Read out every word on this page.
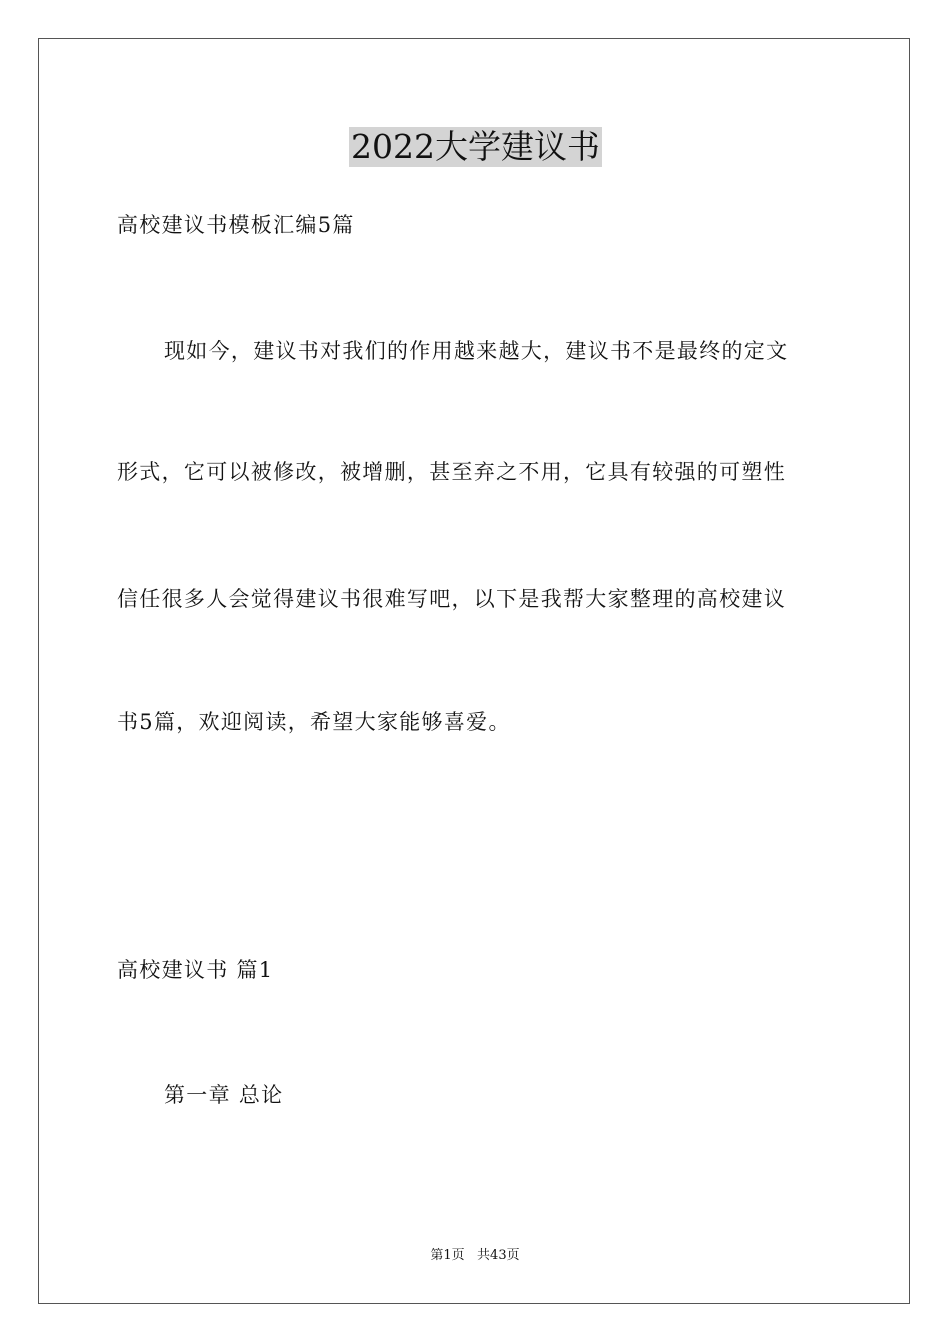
2022大学建议书
高校建议书模板汇编5篇
现如今，建议书对我们的作用越来越大，建议书不是最终的定文
形式，它可以被修改，被增删，甚至弃之不用，它具有较强的可塑性
信任很多人会觉得建议书很难写吧，以下是我帮大家整理的高校建议
书5篇，欢迎阅读，希望大家能够喜爱。
高校建议书 篇1
第一章 总论
第1页   共43页
